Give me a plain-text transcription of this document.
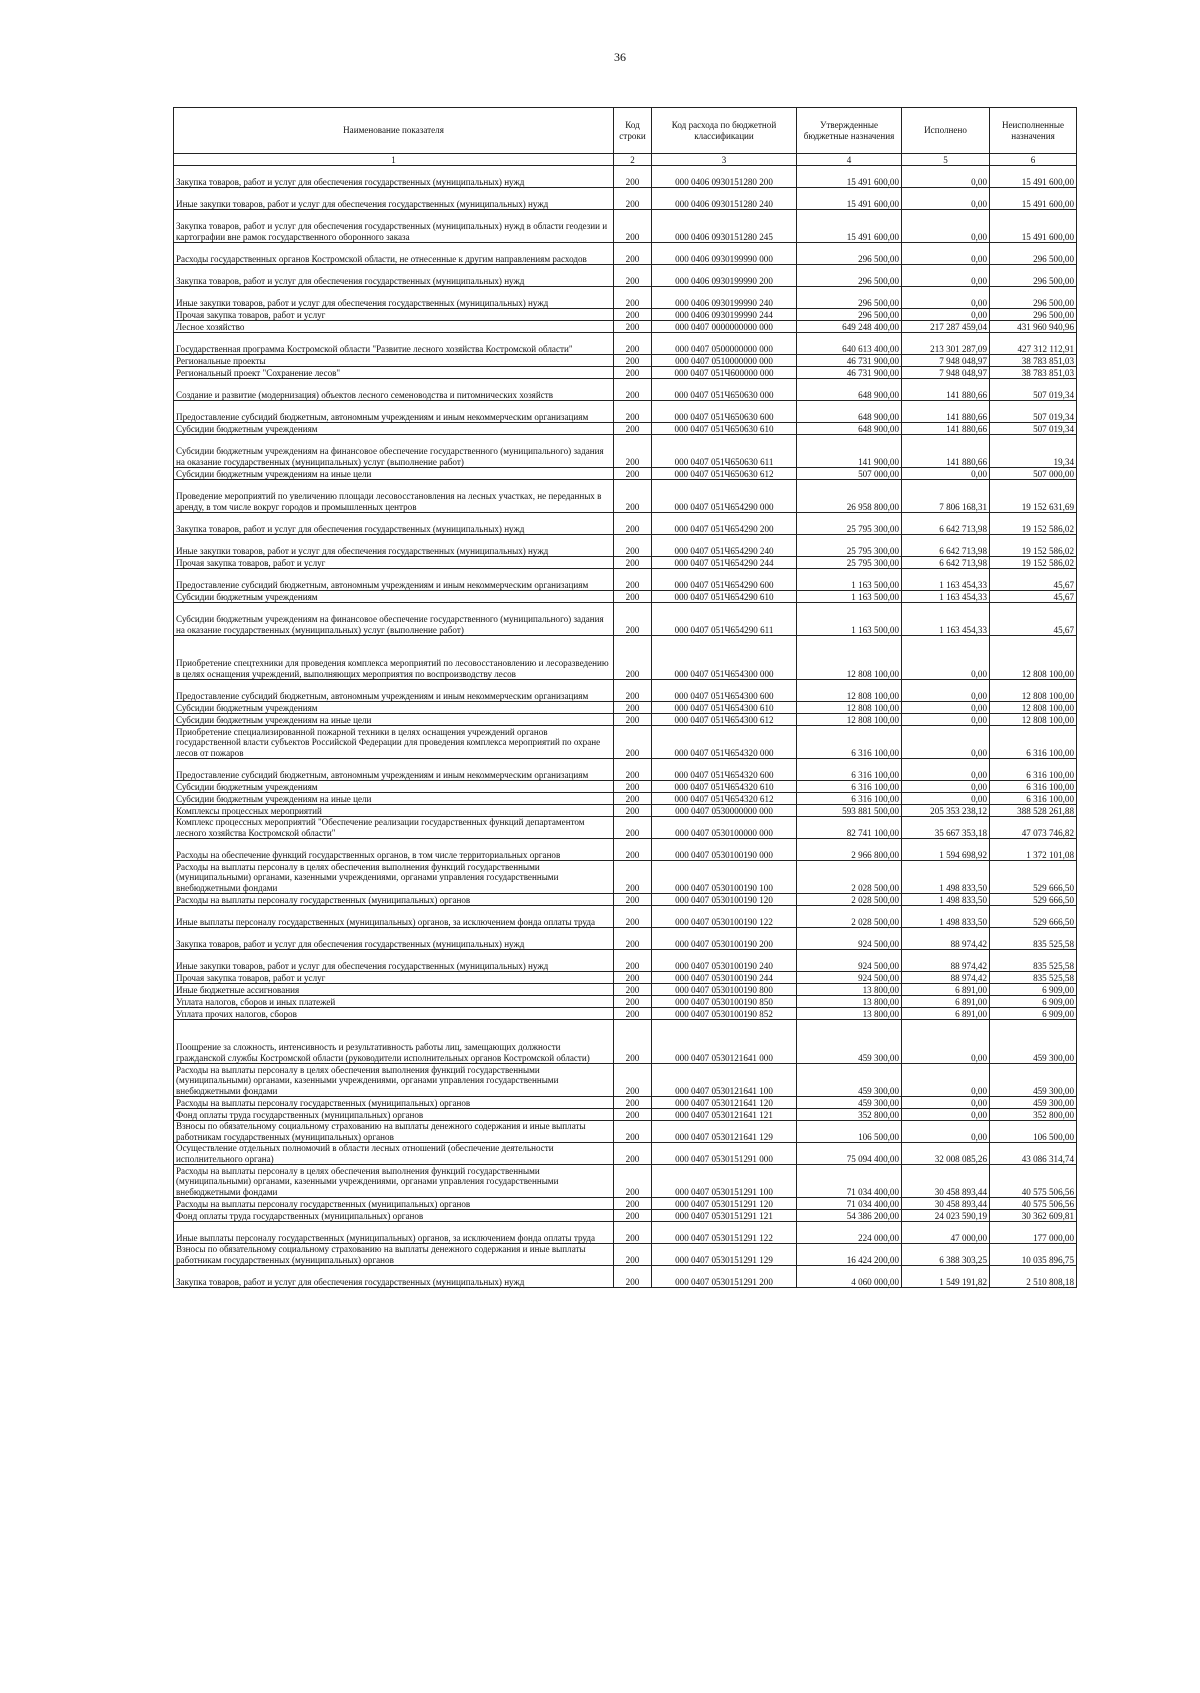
36
Наименование показателя	Код строки	Код расхода по бюджетной классификации	Утвержденные бюджетные назначения	Исполнено	Неисполненные назначения
1	2	3	4	5	6
Закупка товаров, работ и услуг для обеспечения государственных (муниципальных) нужд	200	000 0406 0930151280 200	15 491 600,00	0,00	15 491 600,00
Иные закупки товаров, работ и услуг для обеспечения государственных (муниципальных) нужд	200	000 0406 0930151280 240	15 491 600,00	0,00	15 491 600,00
Закупка товаров, работ и услуг для обеспечения государственных (муниципальных) нужд в области геодезии и картографии вне рамок государственного оборонного заказа	200	000 0406 0930151280 245	15 491 600,00	0,00	15 491 600,00
Расходы государственных органов Костромской области, не отнесенные к другим направлениям расходов	200	000 0406 0930199990 000	296 500,00	0,00	296 500,00
Закупка товаров, работ и услуг для обеспечения государственных (муниципальных) нужд	200	000 0406 0930199990 200	296 500,00	0,00	296 500,00
Иные закупки товаров, работ и услуг для обеспечения государственных (муниципальных) нужд	200	000 0406 0930199990 240	296 500,00	0,00	296 500,00
Прочая закупка товаров, работ и услуг	200	000 0406 0930199990 244	296 500,00	0,00	296 500,00
Лесное хозяйство	200	000 0407 0000000000 000	649 248 400,00	217 287 459,04	431 960 940,96
Государственная программа Костромской области "Развитие лесного хозяйства Костромской области"	200	000 0407 0500000000 000	640 613 400,00	213 301 287,09	427 312 112,91
Региональные проекты	200	000 0407 0510000000 000	46 731 900,00	7 948 048,97	38 783 851,03
Региональный проект "Сохранение лесов"	200	000 0407 051Ч600000 000	46 731 900,00	7 948 048,97	38 783 851,03
Создание и развитие (модернизация) объектов лесного семеноводства и питомнических хозяйств	200	000 0407 051Ч650630 000	648 900,00	141 880,66	507 019,34
Предоставление субсидий бюджетным, автономным учреждениям и иным некоммерческим организациям	200	000 0407 051Ч650630 600	648 900,00	141 880,66	507 019,34
Субсидии бюджетным учреждениям	200	000 0407 051Ч650630 610	648 900,00	141 880,66	507 019,34
Субсидии бюджетным учреждениям на финансовое обеспечение государственного (муниципального) задания на оказание государственных (муниципальных) услуг (выполнение работ)	200	000 0407 051Ч650630 611	141 900,00	141 880,66	19,34
Субсидии бюджетным учреждениям на иные цели	200	000 0407 051Ч650630 612	507 000,00	0,00	507 000,00
Проведение мероприятий по увеличению площади лесовосстановления на лесных участках, не переданных в аренду, в том числе вокруг городов и промышленных центров	200	000 0407 051Ч654290 000	26 958 800,00	7 806 168,31	19 152 631,69
Закупка товаров, работ и услуг для обеспечения государственных (муниципальных) нужд	200	000 0407 051Ч654290 200	25 795 300,00	6 642 713,98	19 152 586,02
Иные закупки товаров, работ и услуг для обеспечения государственных (муниципальных) нужд	200	000 0407 051Ч654290 240	25 795 300,00	6 642 713,98	19 152 586,02
Прочая закупка товаров, работ и услуг	200	000 0407 051Ч654290 244	25 795 300,00	6 642 713,98	19 152 586,02
Предоставление субсидий бюджетным, автономным учреждениям и иным некоммерческим организациям	200	000 0407 051Ч654290 600	1 163 500,00	1 163 454,33	45,67
Субсидии бюджетным учреждениям	200	000 0407 051Ч654290 610	1 163 500,00	1 163 454,33	45,67
Субсидии бюджетным учреждениям на финансовое обеспечение государственного (муниципального) задания на оказание государственных (муниципальных) услуг (выполнение работ)	200	000 0407 051Ч654290 611	1 163 500,00	1 163 454,33	45,67
Приобретение спецтехники для проведения комплекса мероприятий по лесовосстановлению и лесоразведению в целях оснащения учреждений, выполняющих мероприятия по воспроизводству лесов	200	000 0407 051Ч654300 000	12 808 100,00	0,00	12 808 100,00
Предоставление субсидий бюджетным, автономным учреждениям и иным некоммерческим организациям	200	000 0407 051Ч654300 600	12 808 100,00	0,00	12 808 100,00
Субсидии бюджетным учреждениям	200	000 0407 051Ч654300 610	12 808 100,00	0,00	12 808 100,00
Субсидии бюджетным учреждениям на иные цели	200	000 0407 051Ч654300 612	12 808 100,00	0,00	12 808 100,00
Приобретение специализированной пожарной техники в целях оснащения учреждений органов государственной власти субъектов Российской Федерации для проведения комплекса мероприятий по охране лесов от пожаров	200	000 0407 051Ч654320 000	6 316 100,00	0,00	6 316 100,00
Предоставление субсидий бюджетным, автономным учреждениям и иным некоммерческим организациям	200	000 0407 051Ч654320 600	6 316 100,00	0,00	6 316 100,00
Субсидии бюджетным учреждениям	200	000 0407 051Ч654320 610	6 316 100,00	0,00	6 316 100,00
Субсидии бюджетным учреждениям на иные цели	200	000 0407 051Ч654320 612	6 316 100,00	0,00	6 316 100,00
Комплексы процессных мероприятий	200	000 0407 0530000000 000	593 881 500,00	205 353 238,12	388 528 261,88
Комплекс процессных мероприятий "Обеспечение реализации государственных функций департаментом лесного хозяйства Костромской области"	200	000 0407 0530100000 000	82 741 100,00	35 667 353,18	47 073 746,82
Расходы на обеспечение функций государственных органов, в том числе территориальных органов	200	000 0407 0530100190 000	2 966 800,00	1 594 698,92	1 372 101,08
Расходы на выплаты персоналу в целях обеспечения выполнения функций государственными (муниципальными) органами, казенными учреждениями, органами управления государственными внебюджетными фондами	200	000 0407 0530100190 100	2 028 500,00	1 498 833,50	529 666,50
Расходы на выплаты персоналу государственных (муниципальных) органов	200	000 0407 0530100190 120	2 028 500,00	1 498 833,50	529 666,50
Иные выплаты персоналу государственных (муниципальных) органов, за исключением фонда оплаты труда	200	000 0407 0530100190 122	2 028 500,00	1 498 833,50	529 666,50
Закупка товаров, работ и услуг для обеспечения государственных (муниципальных) нужд	200	000 0407 0530100190 200	924 500,00	88 974,42	835 525,58
Иные закупки товаров, работ и услуг для обеспечения государственных (муниципальных) нужд	200	000 0407 0530100190 240	924 500,00	88 974,42	835 525,58
Прочая закупка товаров, работ и услуг	200	000 0407 0530100190 244	924 500,00	88 974,42	835 525,58
Иные бюджетные ассигнования	200	000 0407 0530100190 800	13 800,00	6 891,00	6 909,00
Уплата налогов, сборов и иных платежей	200	000 0407 0530100190 850	13 800,00	6 891,00	6 909,00
Уплата прочих налогов, сборов	200	000 0407 0530100190 852	13 800,00	6 891,00	6 909,00
Поощрение за сложность, интенсивность и результативность работы лиц, замещающих должности гражданской службы Костромской области (руководители исполнительных органов Костромской области)	200	000 0407 0530121641 000	459 300,00	0,00	459 300,00
Расходы на выплаты персоналу в целях обеспечения выполнения функций государственными (муниципальными) органами, казенными учреждениями, органами управления государственными внебюджетными фондами	200	000 0407 0530121641 100	459 300,00	0,00	459 300,00
Расходы на выплаты персоналу государственных (муниципальных) органов	200	000 0407 0530121641 120	459 300,00	0,00	459 300,00
Фонд оплаты труда государственных (муниципальных) органов	200	000 0407 0530121641 121	352 800,00	0,00	352 800,00
Взносы по обязательному социальному страхованию на выплаты денежного содержания и иные выплаты работникам государственных (муниципальных) органов	200	000 0407 0530121641 129	106 500,00	0,00	106 500,00
Осуществление отдельных полномочий в области лесных отношений (обеспечение деятельности исполнительного органа)	200	000 0407 0530151291 000	75 094 400,00	32 008 085,26	43 086 314,74
Расходы на выплаты персоналу в целях обеспечения выполнения функций государственными (муниципальными) органами, казенными учреждениями, органами управления государственными внебюджетными фондами	200	000 0407 0530151291 100	71 034 400,00	30 458 893,44	40 575 506,56
Расходы на выплаты персоналу государственных (муниципальных) органов	200	000 0407 0530151291 120	71 034 400,00	30 458 893,44	40 575 506,56
Фонд оплаты труда государственных (муниципальных) органов	200	000 0407 0530151291 121	54 386 200,00	24 023 590,19	30 362 609,81
Иные выплаты персоналу государственных (муниципальных) органов, за исключением фонда оплаты труда	200	000 0407 0530151291 122	224 000,00	47 000,00	177 000,00
Взносы по обязательному социальному страхованию на выплаты денежного содержания и иные выплаты работникам государственных (муниципальных) органов	200	000 0407 0530151291 129	16 424 200,00	6 388 303,25	10 035 896,75
Закупка товаров, работ и услуг для обеспечения государственных (муниципальных) нужд	200	000 0407 0530151291 200	4 060 000,00	1 549 191,82	2 510 808,18
